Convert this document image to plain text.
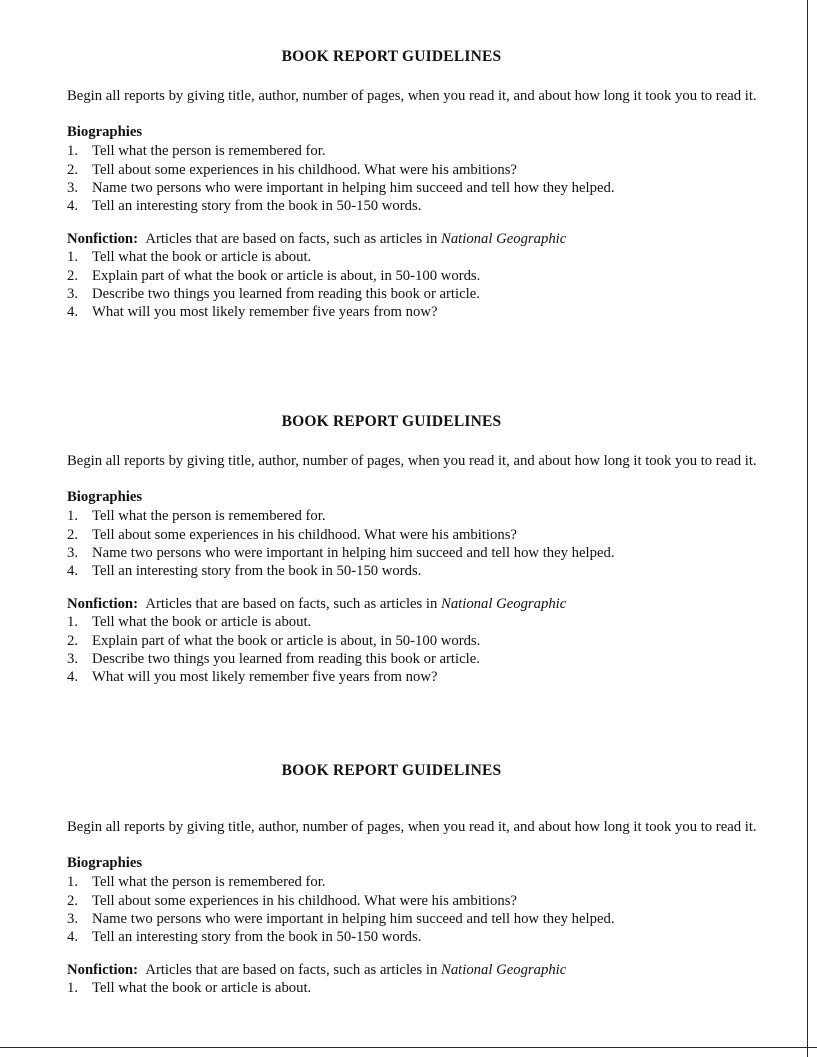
BOOK REPORT GUIDELINES

Begin all reports by giving title, author, number of pages, when you read it, and about how long it took you to read it.

Biographies
1. Tell what the person is remembered for.
2. Tell about some experiences in his childhood. What were his ambitions?
3. Name two persons who were important in helping him succeed and tell how they helped.
4. Tell an interesting story from the book in 50-150 words.
Nonfiction: Articles that are based on facts, such as articles in National Geographic
1. Tell what the book or article is about.
2. Explain part of what the book or article is about, in 50-100 words.
3. Describe two things you learned from reading this book or article.
4. What will you most likely remember five years from now?
BOOK REPORT GUIDELINES

Begin all reports by giving title, author, number of pages, when you read it, and about how long it took you to read it.

Biographies
1. Tell what the person is remembered for.
2. Tell about some experiences in his childhood. What were his ambitions?
3. Name two persons who were important in helping him succeed and tell how they helped.
4. Tell an interesting story from the book in 50-150 words.
Nonfiction: Articles that are based on facts, such as articles in National Geographic
1. Tell what the book or article is about.
2. Explain part of what the book or article is about, in 50-100 words.
3. Describe two things you learned from reading this book or article.
4. What will you most likely remember five years from now?
BOOK REPORT GUIDELINES

Begin all reports by giving title, author, number of pages, when you read it, and about how long it took you to read it.

Biographies
1. Tell what the person is remembered for.
2. Tell about some experiences in his childhood. What were his ambitions?
3. Name two persons who were important in helping him succeed and tell how they helped.
4. Tell an interesting story from the book in 50-150 words.
Nonfiction: Articles that are based on facts, such as articles in National Geographic
1. Tell what the book or article is about.
